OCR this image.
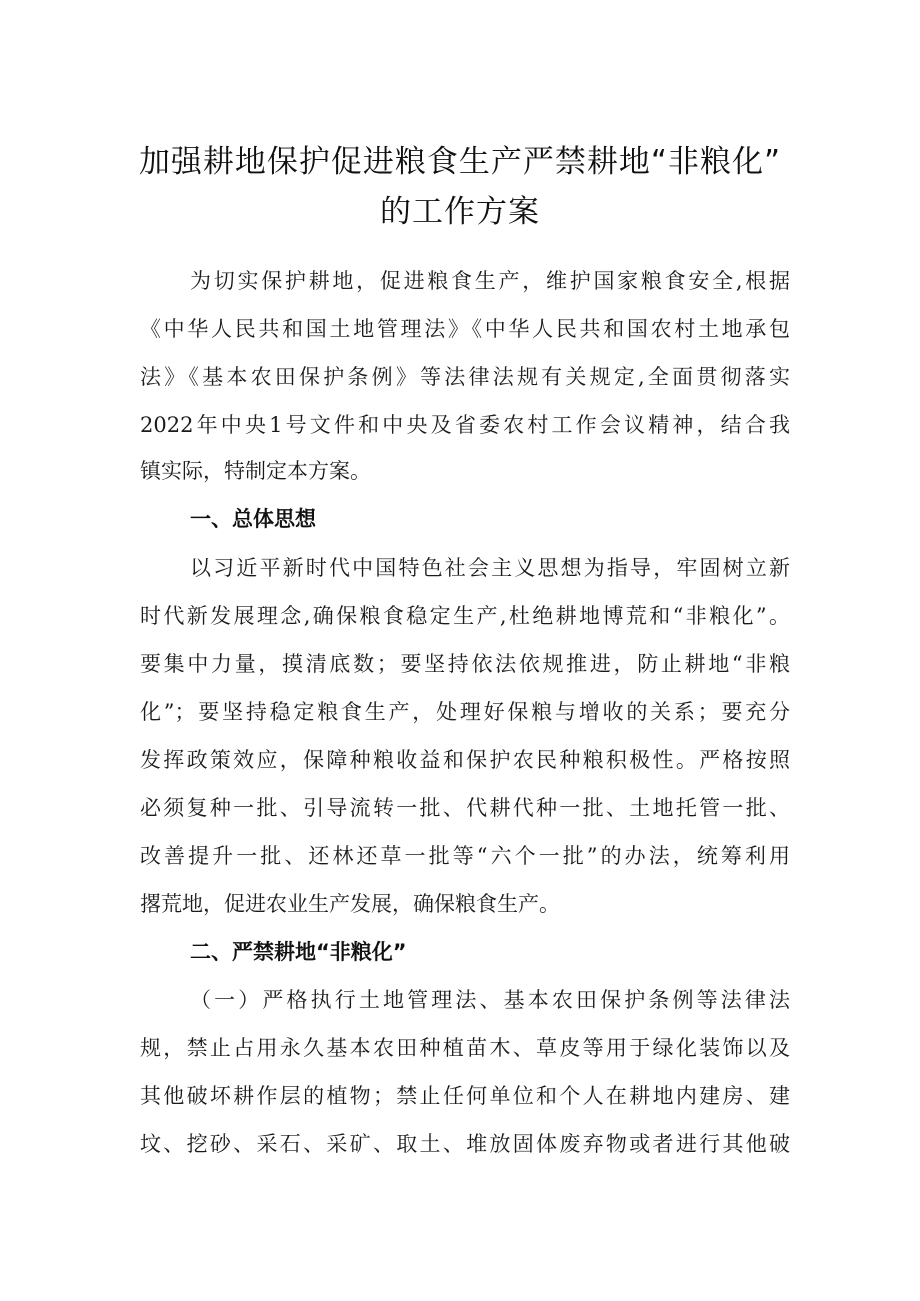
加强耕地保护促进粮食生产严禁耕地“非粮化”
的工作方案
为切实保护耕地，促进粮食生产，维护国家粮食安全,根据
《中华人民共和国土地管理法》《中华人民共和国农村土地承包
法》《基本农田保护条例》等法律法规有关规定,全面贯彻落实
2022年中央1号文件和中央及省委农村工作会议精神，结合我
镇实际，特制定本方案。
一、总体思想
以习近平新时代中国特色社会主义思想为指导，牢固树立新
时代新发展理念,确保粮食稳定生产,杜绝耕地博荒和“非粮化”。
要集中力量，摸清底数；要坚持依法依规推进，防止耕地“非粮
化”；要坚持稳定粮食生产，处理好保粮与增收的关系；要充分
发挥政策效应，保障种粮收益和保护农民种粮积极性。严格按照
必须复种一批、引导流转一批、代耕代种一批、土地托管一批、
改善提升一批、还林还草一批等“六个一批”的办法，统筹利用
撂荒地，促进农业生产发展，确保粮食生产。
二、严禁耕地“非粮化”
（一）严格执行土地管理法、基本农田保护条例等法律法
规，禁止占用永久基本农田种植苗木、草皮等用于绿化装饰以及
其他破坏耕作层的植物；禁止任何单位和个人在耕地内建房、建
坟、挖砂、采石、采矿、取土、堆放固体废弃物或者进行其他破
